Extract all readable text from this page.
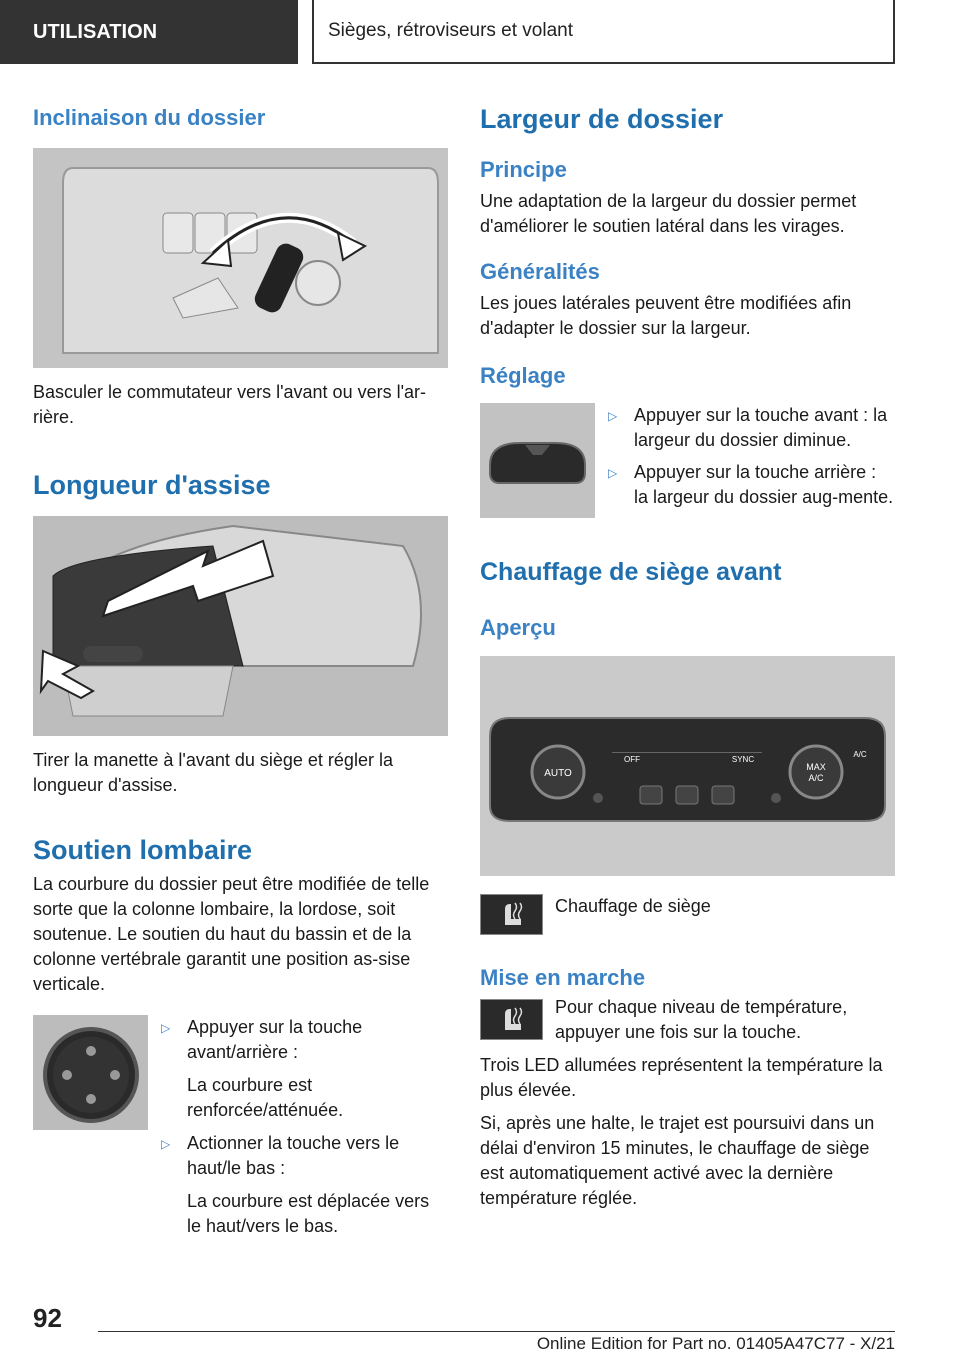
UTILISATION	Sièges, rétroviseurs et volant
Inclinaison du dossier

Basculer le commutateur vers l'avant ou vers l'ar-rière.

Longueur d'assise

Tirer la manette à l'avant du siège et régler la longueur d'assise.

Soutien lombaire

La courbure du dossier peut être modifiée de telle sorte que la colonne lombaire, la lordose, soit soutenue. Le soutien du haut du bassin et de la colonne vertébrale garantit une position as-sise verticale.

▷ Appuyer sur la touche avant/arrière :
La courbure est renforcée/atténuée.
▷ Actionner la touche vers le haut/le bas :
La courbure est déplacée vers le haut/vers le bas.
Largeur de dossier
Principe

Une adaptation de la largeur du dossier permet d'améliorer le soutien latéral dans les virages.

Généralités

Les joues latérales peuvent être modifiées afin d'adapter le dossier sur la largeur.

Réglage
▷ Appuyer sur la touche avant : la largeur du dossier diminue.
▷ Appuyer sur la touche arrière : la largeur du dossier aug-mente.
Chauffage de siège avant
Aperçu
AUTO
MAX
A/C
OFF	SYNC
A/C

Chauffage de siège

Mise en marche

Pour chaque niveau de température, appuyer une fois sur la touche.

Trois LED allumées représentent la température la plus élevée.

Si, après une halte, le trajet est poursuivi dans un délai d'environ 15 minutes, le chauffage de siège est automatiquement activé avec la dernière température réglée.

92
Online Edition for Part no. 01405A47C77 - X/21
